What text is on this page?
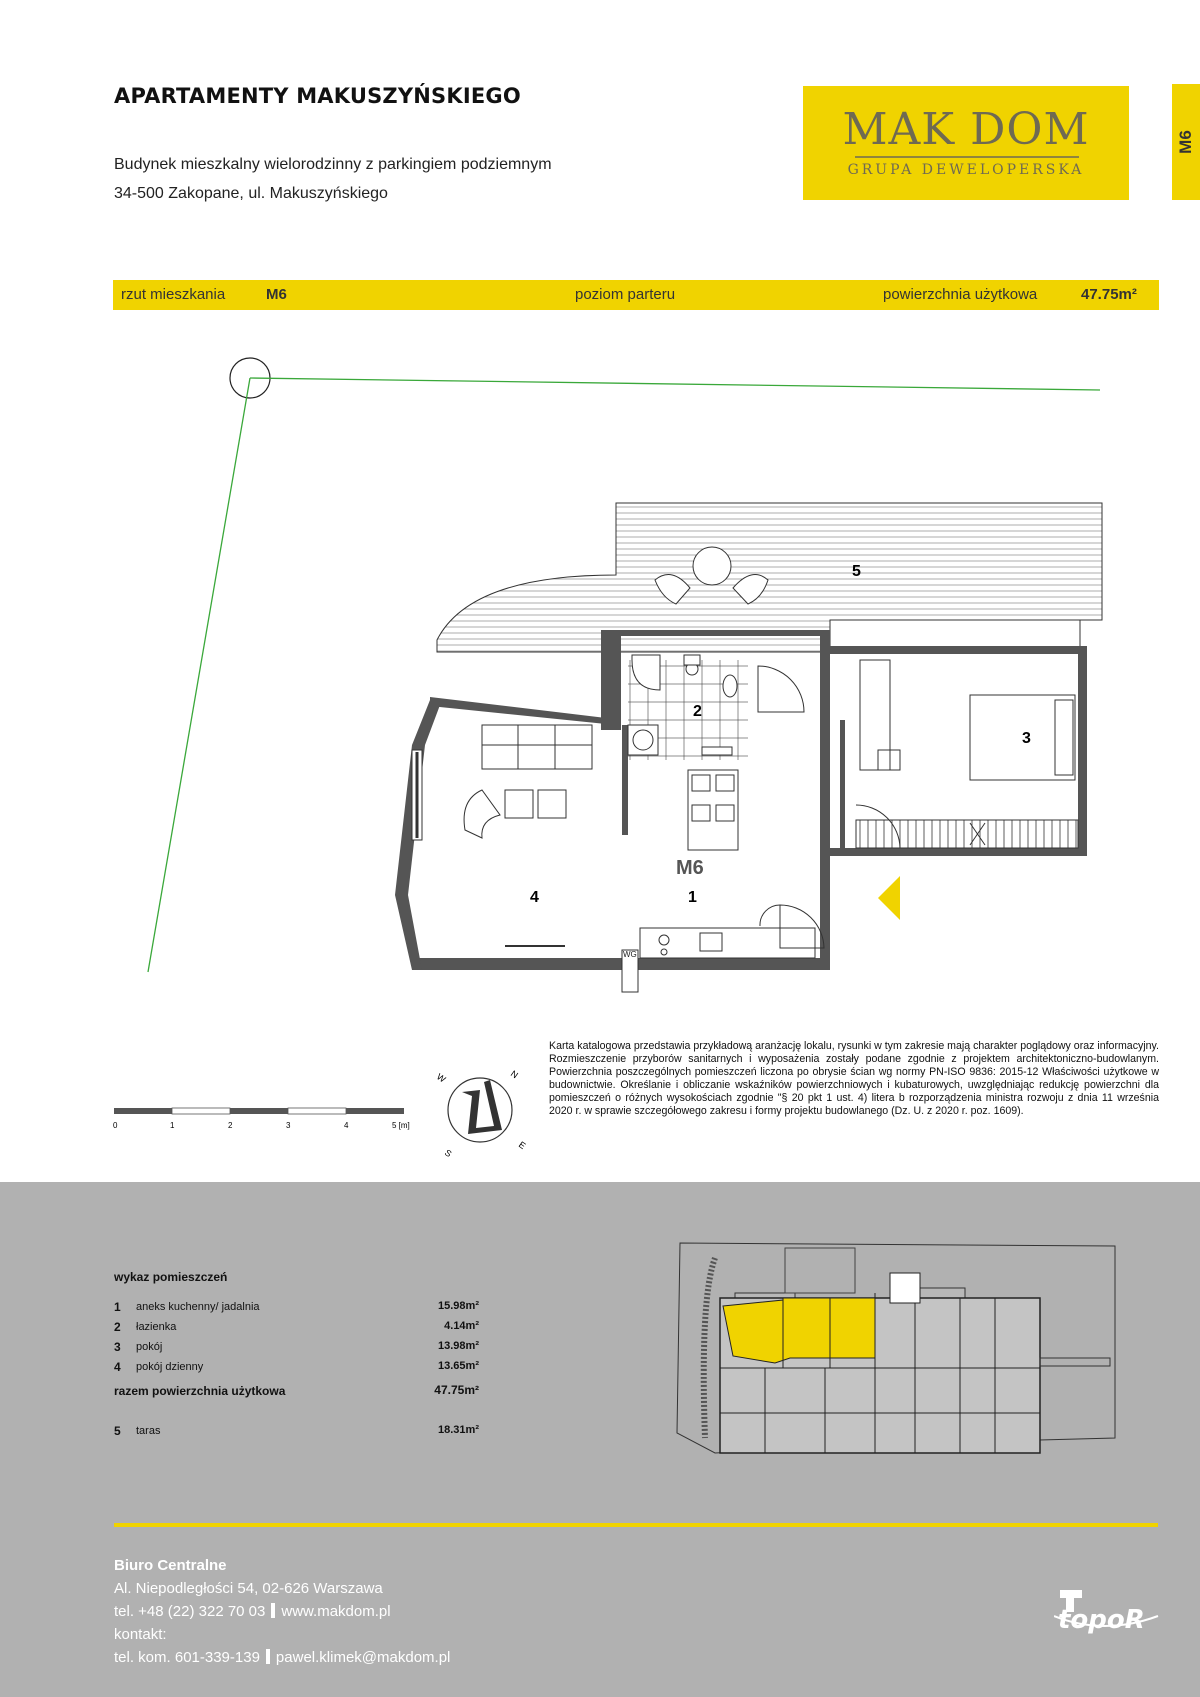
APARTAMENTY MAKUSZYŃSKIEGO
Budynek mieszkalny wielorodzinny z parkingiem podziemnym
34-500 Zakopane, ul. Makuszyńskiego
MAK DOM
GRUPA DEWELOPERSKA
M6
rzut mieszkania	M6	poziom parteru	powierzchnia użytkowa	47.75m²
WG
M6
1
2
3
4
5
0	1	2	3	4	5 [m]
N
E
S
W
Karta katalogowa przedstawia przykładową aranżację lokalu, rysunki w tym zakresie mają charakter poglądowy oraz informacyjny. Rozmieszczenie przyborów sanitarnych i wyposażenia zostały podane zgodnie z projektem architektoniczno-budowlanym. Powierzchnia poszczególnych pomieszczeń liczona po obrysie ścian wg normy PN-ISO 9836: 2015-12 Właściwości użytkowe w budownictwie. Określanie i obliczanie wskaźników powierzchniowych i kubaturowych, uwzględniając redukcję powierzchni dla pomieszczeń o różnych wysokościach zgodnie "§ 20 pkt 1 ust. 4) litera b rozporządzenia ministra rozwoju z dnia 11 września 2020 r. w sprawie szczegółowego zakresu i formy projektu budowlanego (Dz. U. z 2020 r. poz. 1609).
wykaz pomieszczeń
1 aneks kuchenny/ jadalnia	15.98m²
2 łazienka	4.14m²
3 pokój	13.98m²
4 pokój dzienny	13.65m²
razem powierzchnia użytkowa	47.75m²
5 taras	18.31m²
Biuro Centralne
Al. Niepodległości 54, 02-626 Warszawa
tel. +48 (22) 322 70 03 www.makdom.pl
kontakt:
tel. kom. 601-339-139 pawel.klimek@makdom.pl
topoR
